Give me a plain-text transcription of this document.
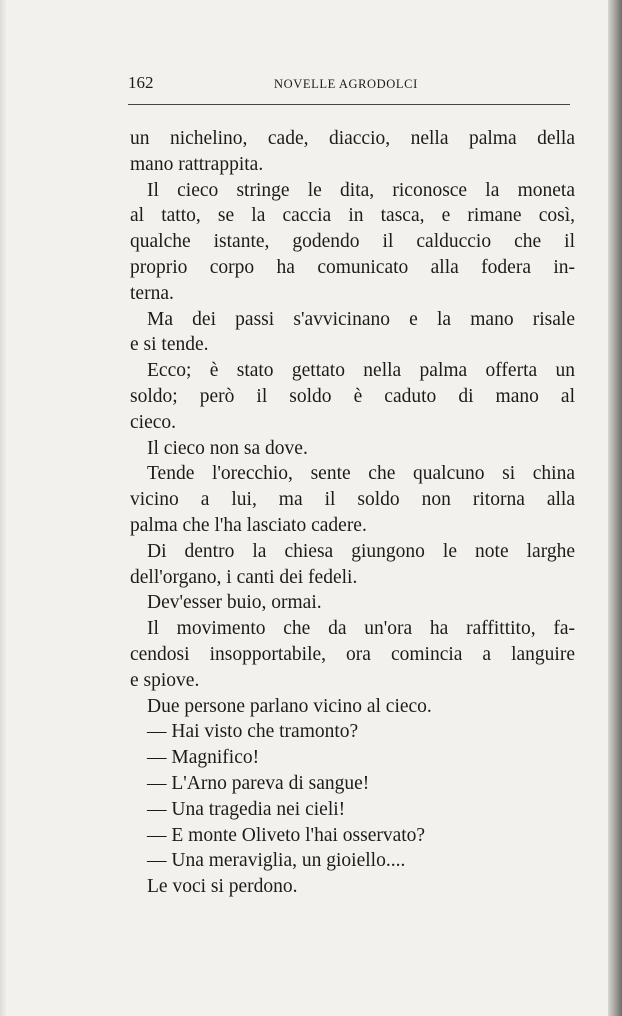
162	NOVELLE AGRODOLCI
un nichelino, cade, diaccio, nella palma della
mano rattrappita.
Il cieco stringe le dita, riconosce la moneta
al tatto, se la caccia in tasca, e rimane così,
qualche istante, godendo il calduccio che il
proprio corpo ha comunicato alla fodera in-
terna.
Ma dei passi s'avvicinano e la mano risale
e si tende.
Ecco; è stato gettato nella palma offerta un
soldo; però il soldo è caduto di mano al
cieco.
Il cieco non sa dove.
Tende l'orecchio, sente che qualcuno si china
vicino a lui, ma il soldo non ritorna alla
palma che l'ha lasciato cadere.
Di dentro la chiesa giungono le note larghe
dell'organo, i canti dei fedeli.
Dev'esser buio, ormai.
Il movimento che da un'ora ha raffittito, fa-
cendosi insopportabile, ora comincia a languire
e spiove.
Due persone parlano vicino al cieco.
— Hai visto che tramonto?
— Magnifico!
— L'Arno pareva di sangue!
— Una tragedia nei cieli!
— E monte Oliveto l'hai osservato?
— Una meraviglia, un gioiello....
Le voci si perdono.
